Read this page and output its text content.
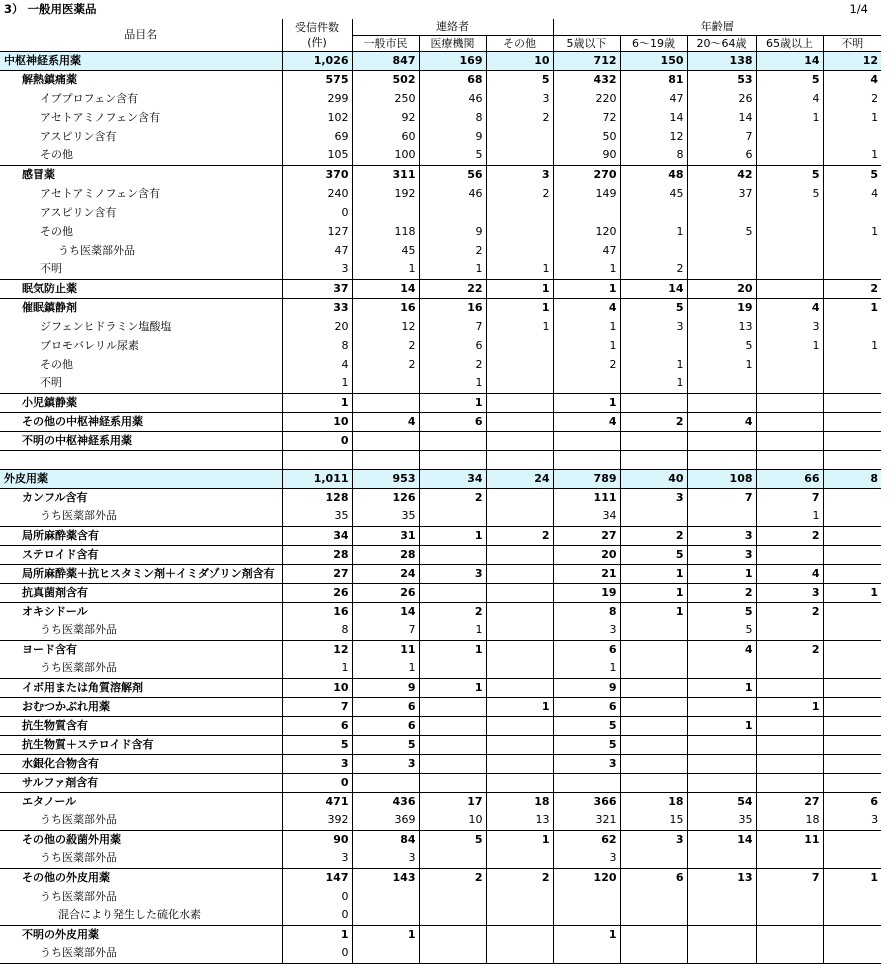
3） 一般用医薬品	1/4
品目名	受信件数	連絡者			年齢層				
	(件)	一般市民	医療機関	その他	5歳以下	6～19歳	20～64歳	65歳以上	不明
中枢神経系用薬	1,026	847	169	10	712	150	138	14	12
解熱鎮痛薬	575	502	68	5	432	81	53	5	4
イブプロフェン含有	299	250	46	3	220	47	26	4	2
アセトアミノフェン含有	102	92	8	2	72	14	14	1	1
アスピリン含有	69	60	9		50	12	7		
その他	105	100	5		90	8	6		1
感冒薬	370	311	56	3	270	48	42	5	5
アセトアミノフェン含有	240	192	46	2	149	45	37	5	4
アスピリン含有	0								
その他	127	118	9		120	1	5		1
うち医薬部外品	47	45	2		47				
不明	3	1	1	1	1	2			
眠気防止薬	37	14	22	1	1	14	20		2
催眠鎮静剤	33	16	16	1	4	5	19	4	1
ジフェンヒドラミン塩酸塩	20	12	7	1	1	3	13	3	
ブロモバレリル尿素	8	2	6		1		5	1	1
その他	4	2	2		2	1	1		
不明	1		1			1			
小児鎮静薬	1		1		1				
その他の中枢神経系用薬	10	4	6		4	2	4		
不明の中枢神経系用薬	0								

外皮用薬	1,011	953	34	24	789	40	108	66	8
カンフル含有	128	126	2		111	3	7	7	
うち医薬部外品	35	35			34			1	
局所麻酔薬含有	34	31	1	2	27	2	3	2	
ステロイド含有	28	28			20	5	3		
局所麻酔薬＋抗ヒスタミン剤＋イミダゾリン剤含有	27	24	3		21	1	1	4	
抗真菌剤含有	26	26			19	1	2	3	1
オキシドール	16	14	2		8	1	5	2	
うち医薬部外品	8	7	1		3		5		
ヨード含有	12	11	1		6		4	2	
うち医薬部外品	1	1			1				
イボ用または角質溶解剤	10	9	1		9		1		
おむつかぶれ用薬	7	6		1	6			1	
抗生物質含有	6	6			5		1		
抗生物質＋ステロイド含有	5	5			5				
水銀化合物含有	3	3			3				
サルファ剤含有	0								
エタノール	471	436	17	18	366	18	54	27	6
うち医薬部外品	392	369	10	13	321	15	35	18	3
その他の殺菌外用薬	90	84	5	1	62	3	14	11	
うち医薬部外品	3	3			3				
その他の外皮用薬	147	143	2	2	120	6	13	7	1
うち医薬部外品	0								
混合により発生した硫化水素	0								
不明の外皮用薬	1	1			1				
うち医薬部外品	0								
